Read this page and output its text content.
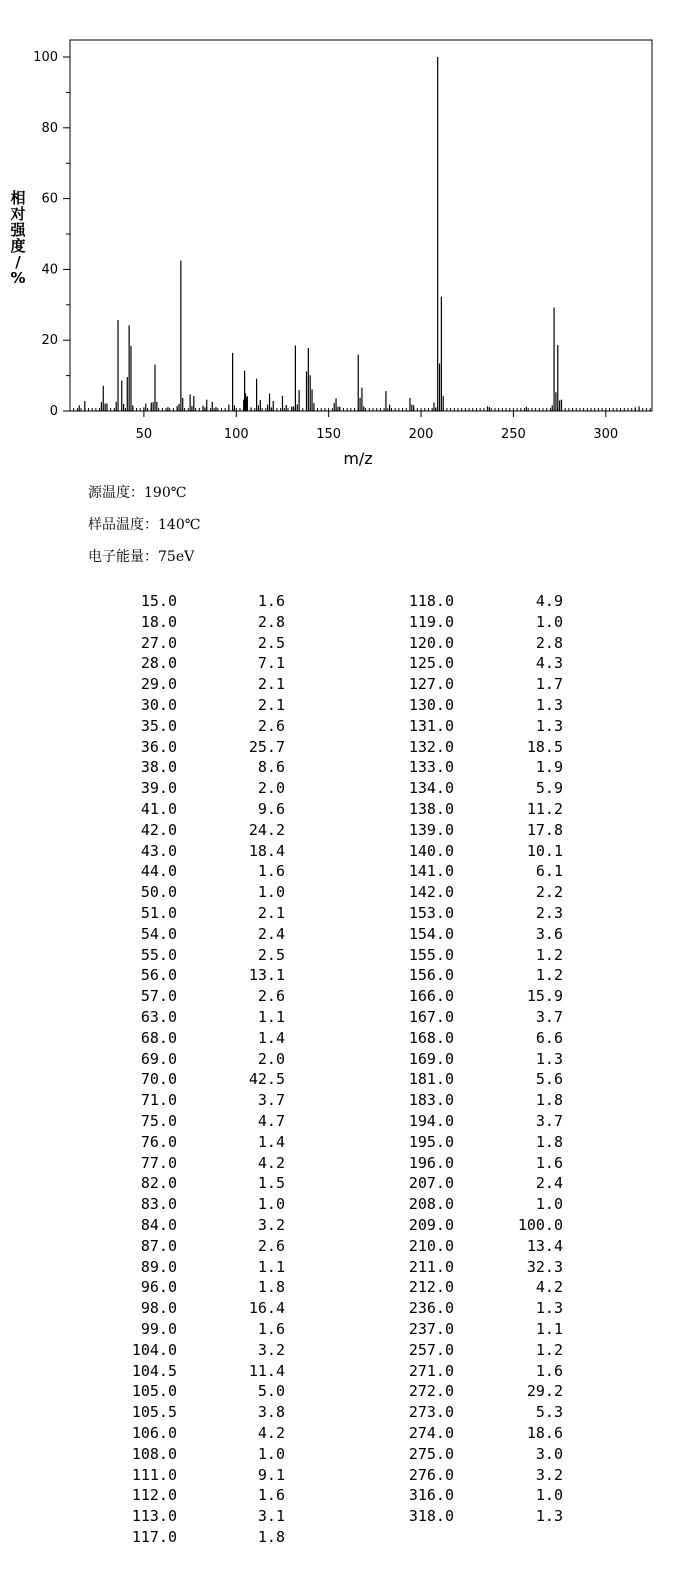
50	100	150	200	250	300
0
20
40
60
80
100
m/z
相对强度/ %
源温度：190℃
样品温度：140℃
电子能量：75eV
15.0	1.6
18.0	2.8
27.0	2.5
28.0	7.1
29.0	2.1
30.0	2.1
35.0	2.6
36.0	25.7
38.0	8.6
39.0	2.0
41.0	9.6
42.0	24.2
43.0	18.4
44.0	1.6
50.0	1.0
51.0	2.1
54.0	2.4
55.0	2.5
56.0	13.1
57.0	2.6
63.0	1.1
68.0	1.4
69.0	2.0
70.0	42.5
71.0	3.7
75.0	4.7
76.0	1.4
77.0	4.2
82.0	1.5
83.0	1.0
84.0	3.2
87.0	2.6
89.0	1.1
96.0	1.8
98.0	16.4
99.0	1.6
104.0	3.2
104.5	11.4
105.0	5.0
105.5	3.8
106.0	4.2
108.0	1.0
111.0	9.1
112.0	1.6
113.0	3.1
117.0	1.8
118.0	4.9
119.0	1.0
120.0	2.8
125.0	4.3
127.0	1.7
130.0	1.3
131.0	1.3
132.0	18.5
133.0	1.9
134.0	5.9
138.0	11.2
139.0	17.8
140.0	10.1
141.0	6.1
142.0	2.2
153.0	2.3
154.0	3.6
155.0	1.2
156.0	1.2
166.0	15.9
167.0	3.7
168.0	6.6
169.0	1.3
181.0	5.6
183.0	1.8
194.0	3.7
195.0	1.8
196.0	1.6
207.0	2.4
208.0	1.0
209.0	100.0
210.0	13.4
211.0	32.3
212.0	4.2
236.0	1.3
237.0	1.1
257.0	1.2
271.0	1.6
272.0	29.2
273.0	5.3
274.0	18.6
275.0	3.0
276.0	3.2
316.0	1.0
318.0	1.3
